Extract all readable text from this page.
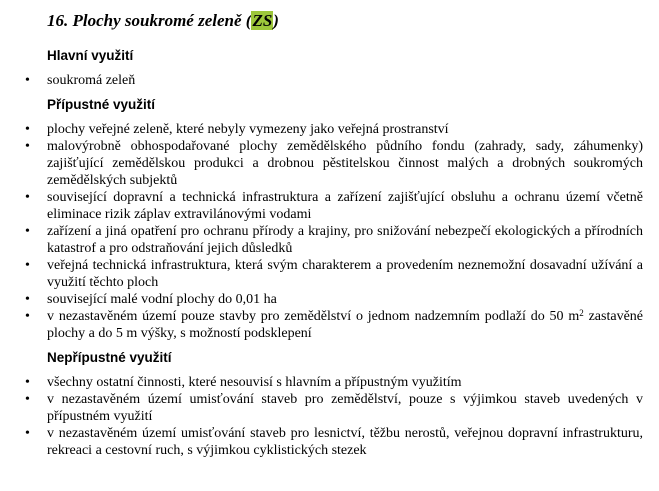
16. Plochy soukromé zeleně (ZS)
Hlavní využití
•	soukromá zeleň
Přípustné využití
•	plochy veřejné zeleně, které nebyly vymezeny jako veřejná prostranství
•	malovýrobně obhospodařované plochy zemědělského půdního fondu (zahrady, sady, záhumenky) zajišťující zemědělskou produkci a drobnou pěstitelskou činnost malých a drobných soukromých zemědělských subjektů
•	související dopravní a technická infrastruktura a zařízení zajišťující obsluhu a ochranu území včetně eliminace rizik záplav extravilánovými vodami
•	zařízení a jiná opatření pro ochranu přírody a krajiny, pro snižování nebezpečí ekologických a přírodních katastrof a pro odstraňování jejich důsledků
•	veřejná technická infrastruktura, která svým charakterem a provedením neznemožní dosavadní užívání a využití těchto ploch
•	související malé vodní plochy do 0,01 ha
•	v nezastavěném území pouze stavby pro zemědělství o jednom nadzemním podlaží do 50 $m^2$ zastavěné plochy a do 5 m výšky, s možností podsklepení
Nepřípustné využití
•	všechny ostatní činnosti, které nesouvisí s hlavním a přípustným využitím
•	v nezastavěném území umisťování staveb pro zemědělství, pouze s výjimkou staveb uvedených v přípustném využití
•	v nezastavěném území umisťování staveb pro lesnictví, těžbu nerostů, veřejnou dopravní infrastrukturu, rekreaci a cestovní ruch, s výjimkou cyklistických stezek
